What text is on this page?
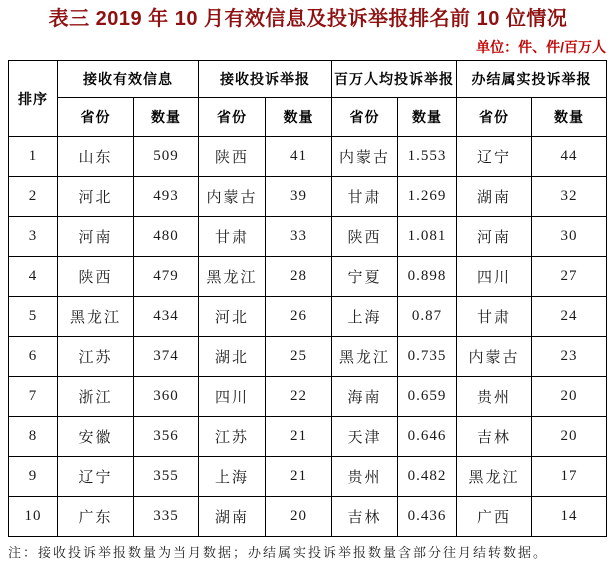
表三 2019 年 10 月有效信息及投诉举报排名前 10 位情况
单位：件、件/百万人
排序	接收有效信息		接收投诉举报		百万人均投诉举报		办结属实投诉举报	
	省份	数量	省份	数量	省份	数量	省份	数量
1	山东	509	陕西	41	内蒙古	1.553	辽宁	44
2	河北	493	内蒙古	39	甘肃	1.269	湖南	32
3	河南	480	甘肃	33	陕西	1.081	河南	30
4	陕西	479	黑龙江	28	宁夏	0.898	四川	27
5	黑龙江	434	河北	26	上海	0.87	甘肃	24
6	江苏	374	湖北	25	黑龙江	0.735	内蒙古	23
7	浙江	360	四川	22	海南	0.659	贵州	20
8	安徽	356	江苏	21	天津	0.646	吉林	20
9	辽宁	355	上海	21	贵州	0.482	黑龙江	17
10	广东	335	湖南	20	吉林	0.436	广西	14
注：接收投诉举报数量为当月数据；办结属实投诉举报数量含部分往月结转数据。
